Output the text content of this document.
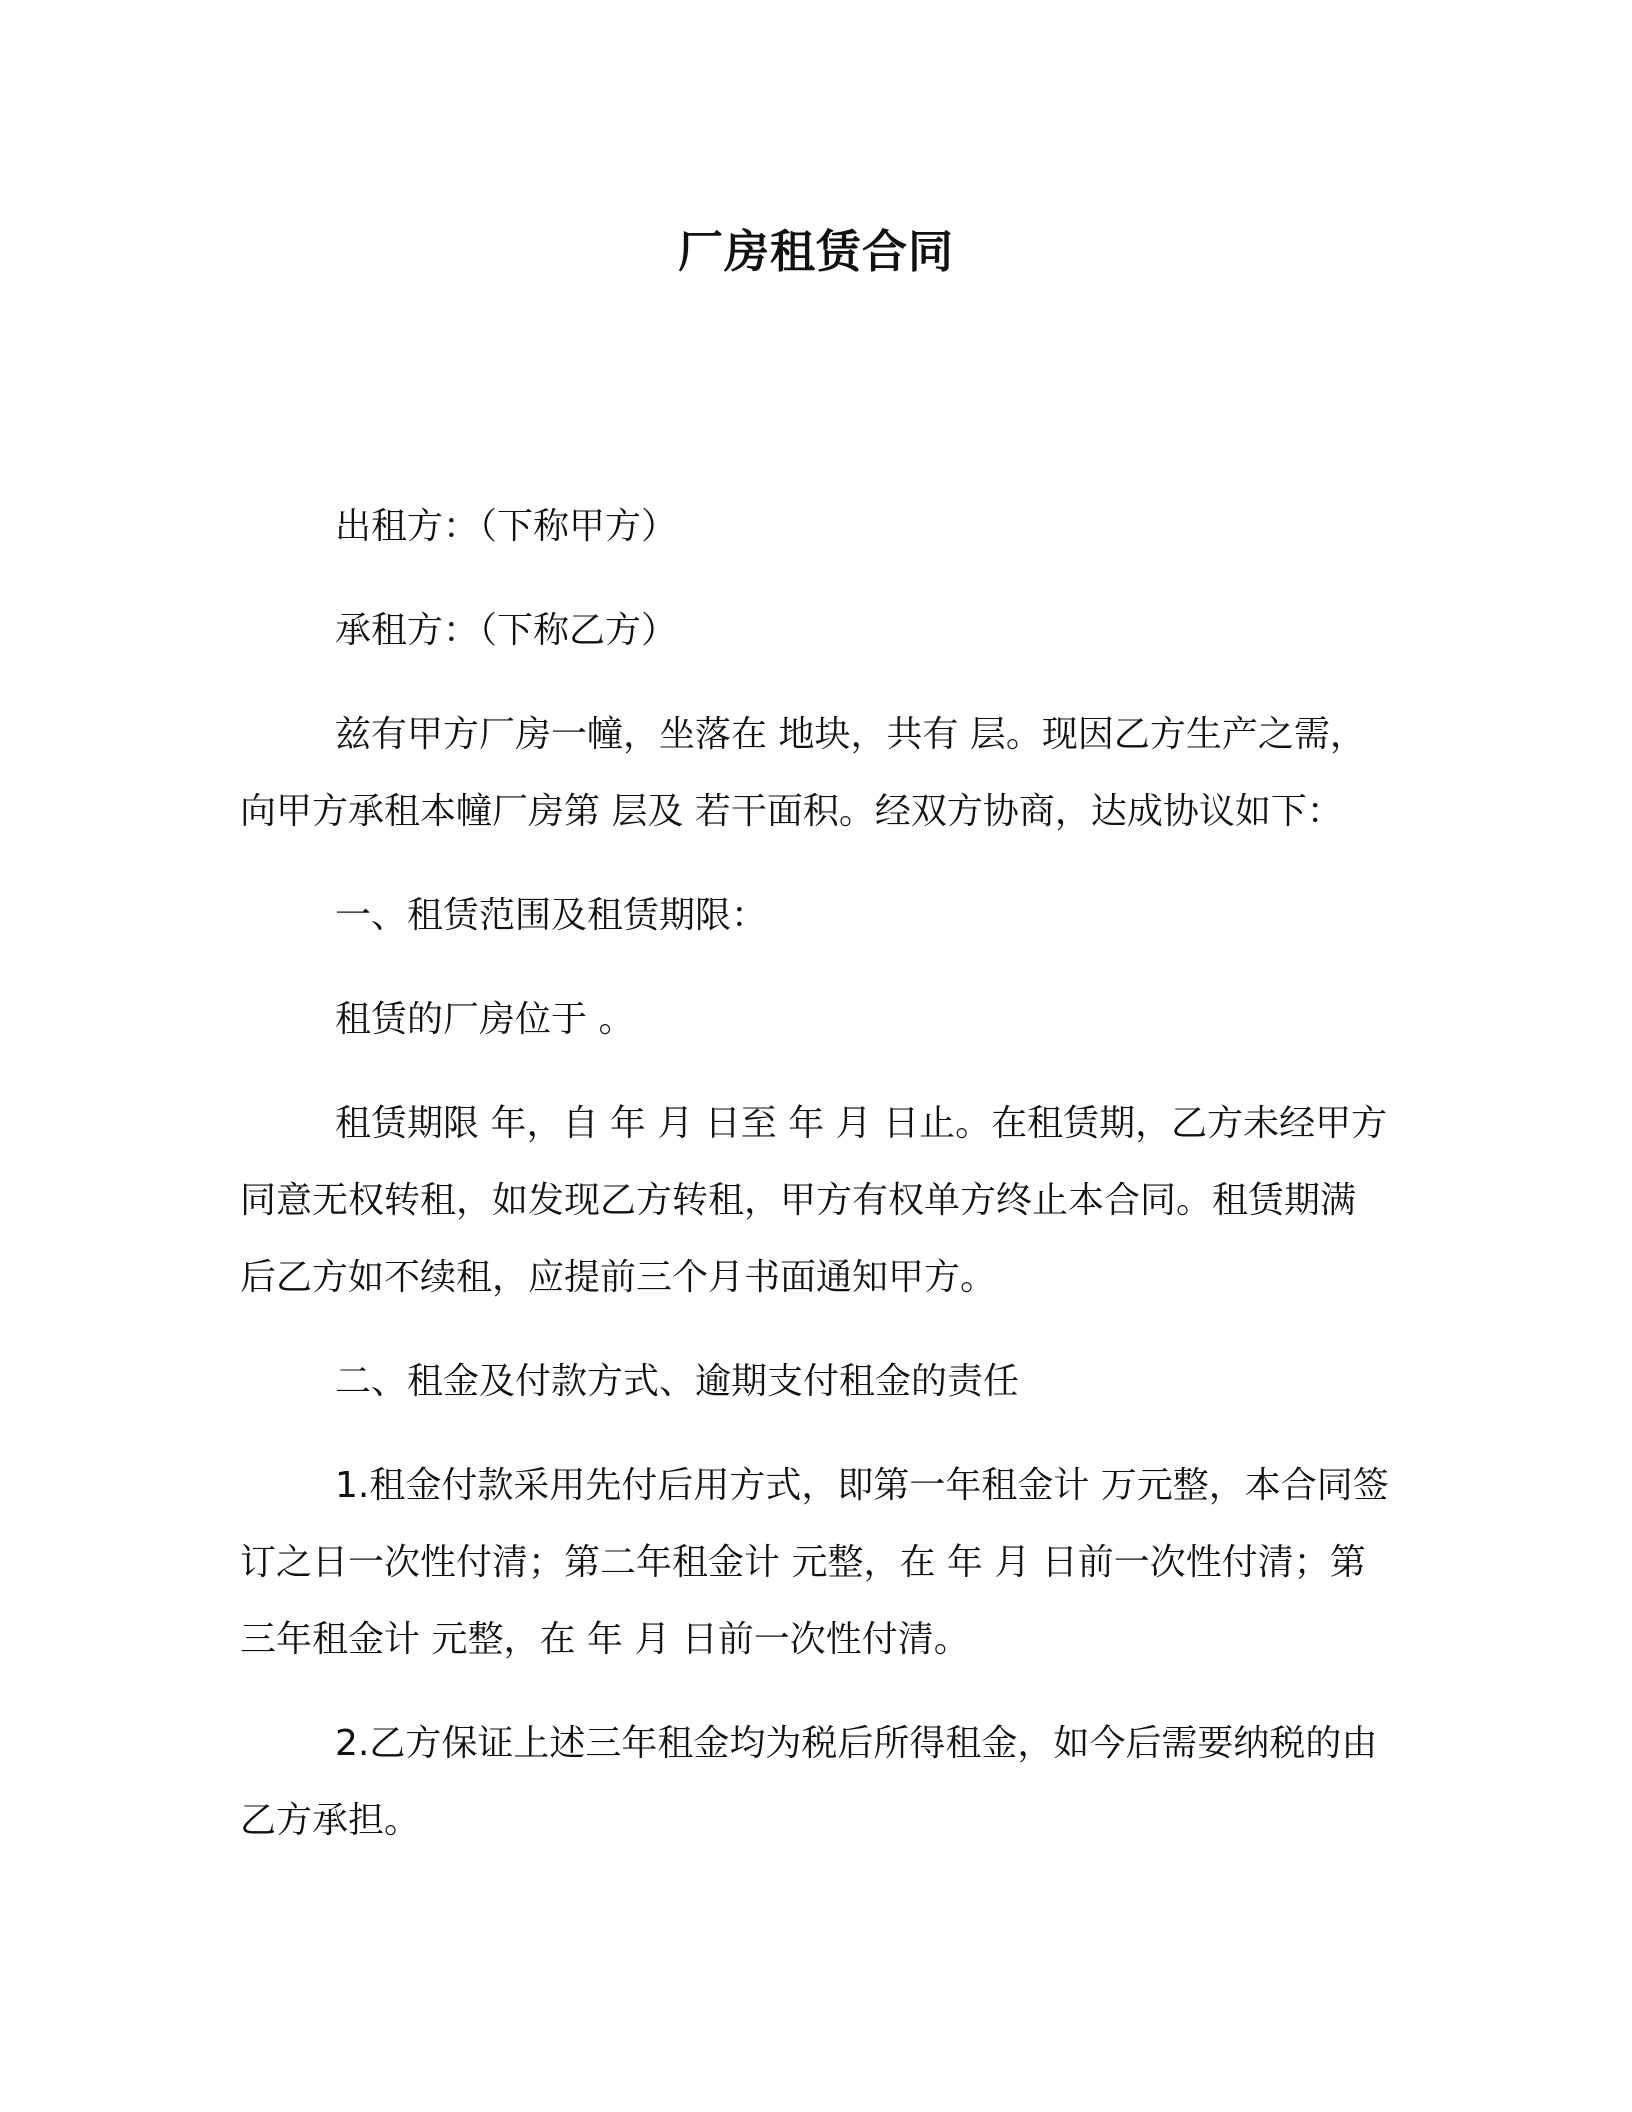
厂房租赁合同

出租方：（下称甲方）

承租方：（下称乙方）

兹有甲方厂房一幢，坐落在 地块，共有 层。现因乙方生产之需，向甲方承租本幢厂房第 层及 若干面积。经双方协商，达成协议如下：

一、租赁范围及租赁期限：

租赁的厂房位于 。

租赁期限 年，自 年 月 日至 年 月 日止。在租赁期，乙方未经甲方同意无权转租，如发现乙方转租，甲方有权单方终止本合同。租赁期满后乙方如不续租，应提前三个月书面通知甲方。

二、租金及付款方式、逾期支付租金的责任

1.租金付款采用先付后用方式，即第一年租金计 万元整，本合同签订之日一次性付清；第二年租金计 元整，在 年 月 日前一次性付清；第三年租金计 元整，在 年 月 日前一次性付清。

2.乙方保证上述三年租金均为税后所得租金，如今后需要纳税的由乙方承担。
